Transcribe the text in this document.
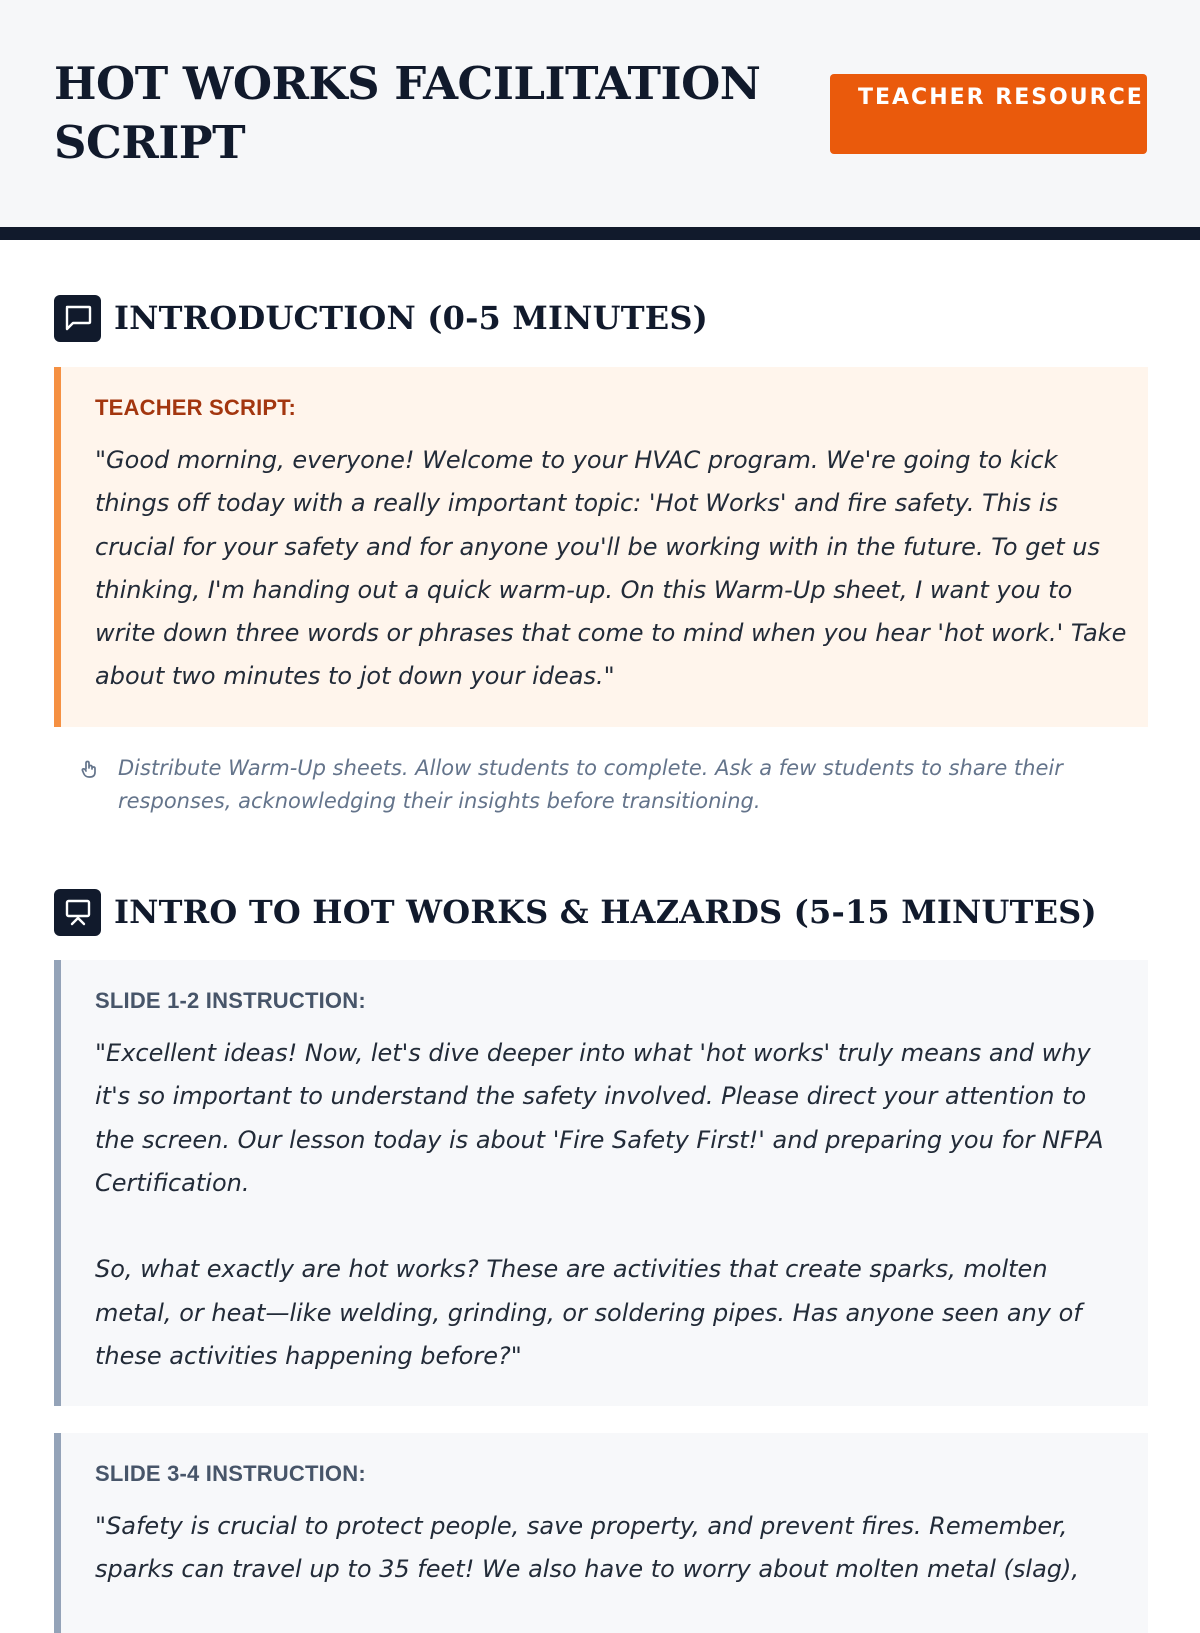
HOT WORKS FACILITATION SCRIPT
TEACHER RESOURCE
INTRODUCTION (0-5 MINUTES)
TEACHER SCRIPT:

"Good morning, everyone! Welcome to your HVAC program. We're going to kick things off today with a really important topic: 'Hot Works' and fire safety. This is crucial for your safety and for anyone you'll be working with in the future. To get us thinking, I'm handing out a quick warm-up. On this Warm-Up sheet, I want you to write down three words or phrases that come to mind when you hear 'hot work.' Take about two minutes to jot down your ideas."

Distribute Warm-Up sheets. Allow students to complete. Ask a few students to share their responses, acknowledging their insights before transitioning.

INTRO TO HOT WORKS & HAZARDS (5-15 MINUTES)
SLIDE 1-2 INSTRUCTION:

"Excellent ideas! Now, let's dive deeper into what 'hot works' truly means and why it's so important to understand the safety involved. Please direct your attention to the screen. Our lesson today is about 'Fire Safety First!' and preparing you for NFPA Certification.

So, what exactly are hot works? These are activities that create sparks, molten metal, or heat—like welding, grinding, or soldering pipes. Has anyone seen any of these activities happening before?"

SLIDE 3-4 INSTRUCTION:

"Safety is crucial to protect people, save property, and prevent fires. Remember, sparks can travel up to 35 feet! We also have to worry about molten metal (slag),
